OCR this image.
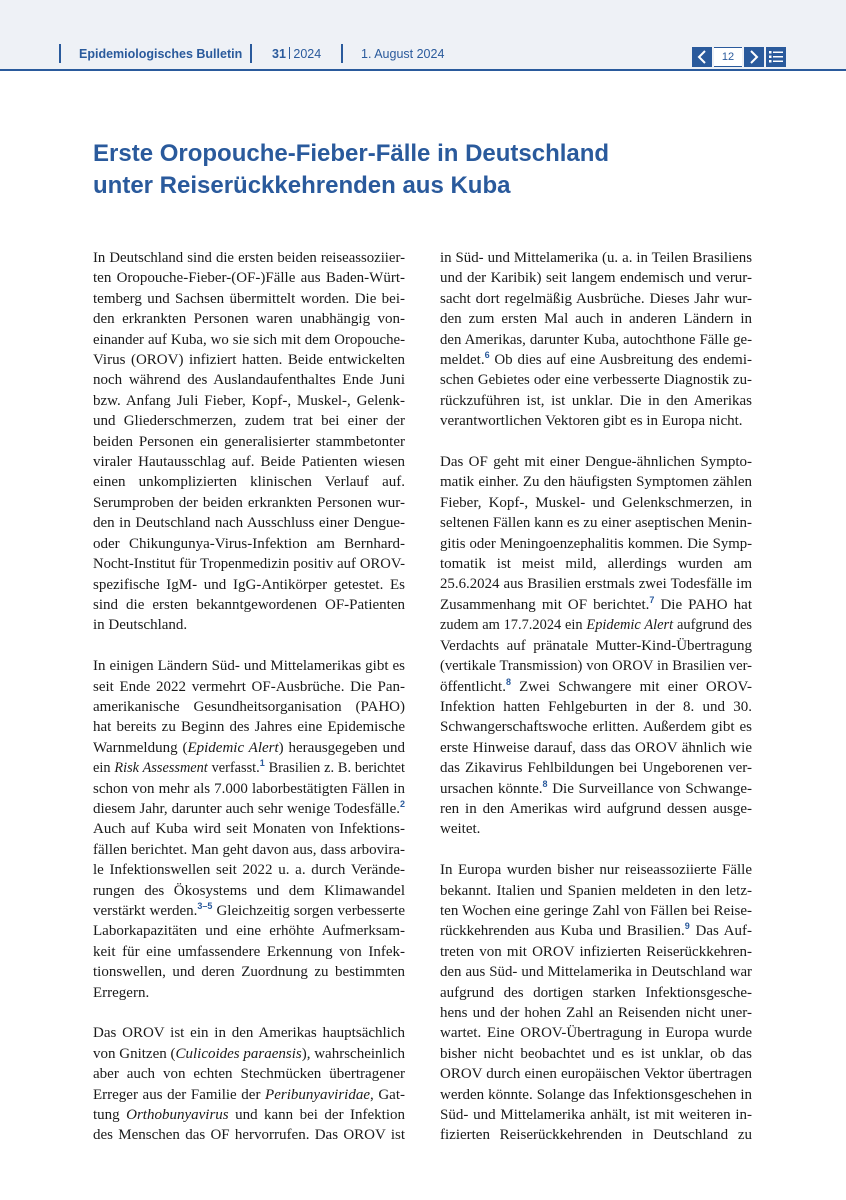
Epidemiologisches Bulletin 31 2024	1. August 2024	12
Erste Oropouche-Fieber-Fälle in Deutschland
unter Reiserückkehrenden aus Kuba

In Deutschland sind die ersten beiden reiseassoziier-
ten Oropouche-Fieber-(OF-)Fälle aus Baden-Würt-
temberg und Sachsen übermittelt worden. Die bei-
den erkrankten Personen waren unabhängig von-
einander auf Kuba, wo sie sich mit dem Oropouche-
Virus (OROV) infiziert hatten. Beide entwickelten
noch während des Auslandaufenthaltes Ende Juni
bzw. Anfang Juli Fieber, Kopf-, Muskel-, Gelenk-
und Gliederschmerzen, zudem trat bei einer der
beiden Personen ein generalisierter stammbetonter
viraler Hautausschlag auf. Beide Patienten wiesen
einen unkomplizierten klinischen Verlauf auf.
Serumproben der beiden erkrankten Personen wur-
den in Deutschland nach Ausschluss einer Dengue-
oder Chikungunya-Virus-Infektion am Bernhard-
Nocht-Institut für Tropenmedizin positiv auf OROV-
spezifische IgM- und IgG-Antikörper getestet. Es
sind die ersten bekanntgewordenen OF-Patienten
in Deutschland.

In einigen Ländern Süd- und Mittelamerikas gibt es
seit Ende 2022 vermehrt OF-Ausbrüche. Die Pan-
amerikanische Gesundheitsorganisation (PAHO)
hat bereits zu Beginn des Jahres eine Epidemische
Warnmeldung (Epidemic Alert) herausgegeben und
ein Risk Assessment verfasst.$^1$ Brasilien z. B. berichtet
schon von mehr als 7.000 laborbestätigten Fällen in
diesem Jahr, darunter auch sehr wenige Todesfälle.$^2$
Auch auf Kuba wird seit Monaten von Infektions-
fällen berichtet. Man geht davon aus, dass arbovira-
le Infektionswellen seit 2022 u. a. durch Verände-
rungen des Ökosystems und dem Klimawandel
verstärkt werden.$^{3-5}$ Gleichzeitig sorgen verbesserte
Laborkapazitäten und eine erhöhte Aufmerksam-
keit für eine umfassendere Erkennung von Infek-
tionswellen, und deren Zuordnung zu bestimmten
Erregern.

Das OROV ist ein in den Amerikas hauptsächlich
von Gnitzen (Culicoides paraensis), wahrscheinlich
aber auch von echten Stechmücken übertragener
Erreger aus der Familie der Peribunyaviridae, Gat-
tung Orthobunyavirus und kann bei der Infektion
des Menschen das OF hervorrufen. Das OROV ist

in Süd- und Mittelamerika (u. a. in Teilen Brasiliens
und der Karibik) seit langem endemisch und verur-
sacht dort regelmäßig Ausbrüche. Dieses Jahr wur-
den zum ersten Mal auch in anderen Ländern in
den Amerikas, darunter Kuba, autochthone Fälle ge-
meldet.$^6$ Ob dies auf eine Ausbreitung des endemi-
schen Gebietes oder eine verbesserte Diagnostik zu-
rückzuführen ist, ist unklar. Die in den Amerikas
verantwortlichen Vektoren gibt es in Europa nicht.

Das OF geht mit einer Dengue-ähnlichen Sympto-
matik einher. Zu den häufigsten Symptomen zählen
Fieber, Kopf-, Muskel- und Gelenkschmerzen, in
seltenen Fällen kann es zu einer aseptischen Menin-
gitis oder Meningoenzephalitis kommen. Die Symp-
tomatik ist meist mild, allerdings wurden am
25.6.2024 aus Brasilien erstmals zwei Todesfälle im
Zusammenhang mit OF berichtet.$^7$ Die PAHO hat
zudem am 17.7.2024 ein Epidemic Alert aufgrund des
Verdachts auf pränatale Mutter-Kind-Übertragung
(vertikale Transmission) von OROV in Brasilien ver-
öffentlicht.$^8$ Zwei Schwangere mit einer OROV-
Infektion hatten Fehlgeburten in der 8. und 30.
Schwangerschaftswoche erlitten. Außerdem gibt es
erste Hinweise darauf, dass das OROV ähnlich wie
das Zikavirus Fehlbildungen bei Ungeborenen ver-
ursachen könnte.$^8$ Die Surveillance von Schwange-
ren in den Amerikas wird aufgrund dessen ausge-
weitet.

In Europa wurden bisher nur reiseassoziierte Fälle
bekannt. Italien und Spanien meldeten in den letz-
ten Wochen eine geringe Zahl von Fällen bei Reise-
rückkehrenden aus Kuba und Brasilien.$^9$ Das Auf-
treten von mit OROV infizierten Reiserückkehren-
den aus Süd- und Mittelamerika in Deutschland war
aufgrund des dortigen starken Infektionsgesche-
hens und der hohen Zahl an Reisenden nicht uner-
wartet. Eine OROV-Übertragung in Europa wurde
bisher nicht beobachtet und es ist unklar, ob das
OROV durch einen europäischen Vektor übertragen
werden könnte. Solange das Infektionsgeschehen in
Süd- und Mittelamerika anhält, ist mit weiteren in-
fizierten Reiserückkehrenden in Deutschland zu
